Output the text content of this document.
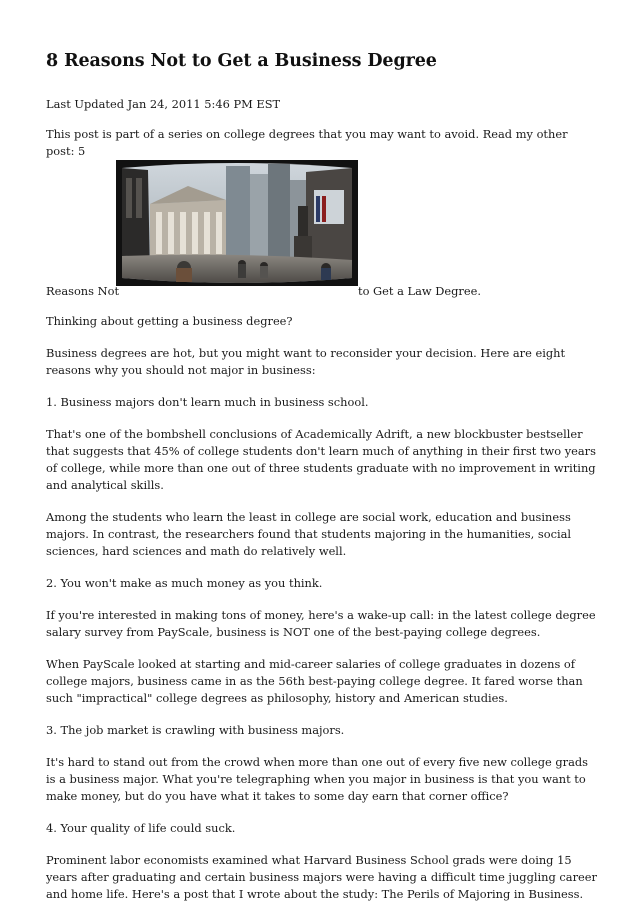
8 Reasons Not to Get a Business Degree
Last Updated Jan 24, 2011 5:46 PM EST

This post is part of a series on college degrees that you may want to avoid. Read my other post: 5

Reasons Not	to Get a Law Degree.

Thinking about getting a business degree?

Business degrees are hot, but you might want to reconsider your decision. Here are eight reasons why you should not major in business:

1. Business majors don't learn much in business school.

That's one of the bombshell conclusions of Academically Adrift, a new blockbuster bestseller that suggests that 45% of college students don't learn much of anything in their first two years of college, while more than one out of three students graduate with no improvement in writing and analytical skills.

Among the students who learn the least in college are social work, education and business majors. In contrast, the researchers found that students majoring in the humanities, social sciences, hard sciences and math do relatively well.

2. You won't make as much money as you think.

If you're interested in making tons of money, here's a wake-up call: in the latest college degree salary survey from PayScale, business is NOT one of the best-paying college degrees.

When PayScale looked at starting and mid-career salaries of college graduates in dozens of college majors, business came in as the 56th best-paying college degree. It fared worse than such "impractical" college degrees as philosophy, history and American studies.

3. The job market is crawling with business majors.

It's hard to stand out from the crowd when more than one out of every five new college grads is a business major. What you're telegraphing when you major in business is that you want to make money, but do you have what it takes to some day earn that corner office?

4. Your quality of life could suck.

Prominent labor economists examined what Harvard Business School grads were doing 15 years after graduating and certain business majors were having a difficult time juggling career and home life. Here's a post that I wrote about the study: The Perils of Majoring in Business.
